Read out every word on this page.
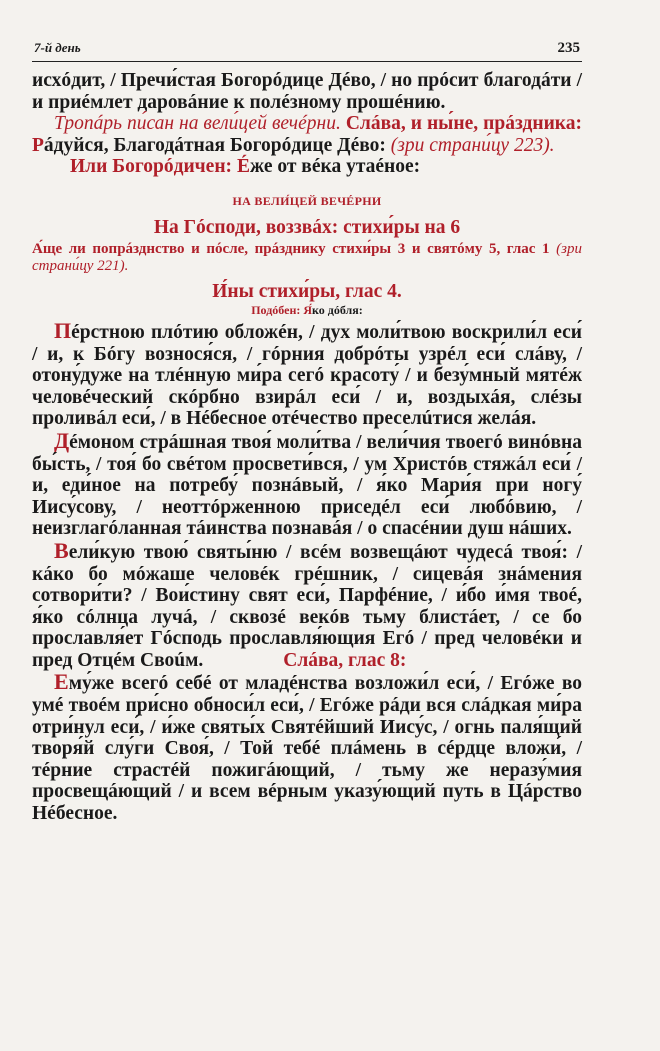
7-й день	235

исхóдит, / Пречи́стая Богорóдице Дéво, / но прóсит благодáти / и приéмлет даровáние к полéзному прошéнию.

Тропáрь пи́сан на вели́цей вечéрни. Слáва, и ны́не, прáздника: Рáдуйся, Благодáтная Богорóдице Дéво: (зри страни́цу 223).

Или Богорóдичен: Éже от вéка утаéное:

НА ВЕЛИ́ЦЕЙ ВЕЧÉРНИ

На Гóсподи, воззвáх: стихи́ры на 6

А́ще ли попрáзднство и пóсле, прáзднику стихи́ры 3 и святóму 5, глас 1 (зри страни́цу 221).

И́ны стихи́ры, глас 4.

Подóбен: Я́ко дóбля:

Пéрстною плóтию обложéн, / дух моли́твою воскрили́л еси́ / и, к Бóгу вознося́ся, / гóрния добрóты узрéл еси́ слáву, / отону́дуже на тлéнную ми́ра сегó красоту́ / и безу́мный мятéж человéческий скóрбно взирáл еси́ / и, воздыхáя, слéзы проливáл еси́, / в Нéбесное отéчество преселúтися желáя.

Дéмоном стрáшная твоя́ моли́тва / вели́чия твоегó винóвна бы́сть, / тоя́ бо свéтом просвети́вся, / ум Христóв стяжáл еси́ / и, еди́ное на потребу́ познáвый, / я́ко Мари́я при ногу́ Иису́сову, / неоттóрженною приседéл еси́ любóвию, / неизглагóланная тáинства познавáя / о спасéнии душ нáших.

Вели́кую твою́ святы́ню / всéм возвещáют чудесá твоя́: / кáко бо мóжаше человéк грéшник, / сицевáя знáмения сотвори́ти? / Вои́стину свят еси́, Парфéние, / и́бо и́мя твоé, я́ко сóлнца лучá, / сквозé векóв тьму блистáет, / се бо прославля́ет Гóсподь прославля́ющия Егó / пред человéки и пред Отцéм Своúм.	Слáва, глас 8:

Ему́же всегó себé от младéнства возложи́л еси́, / Егóже во умé твоéм при́сно обноси́л еси́, / Егóже рáди вся слáдкая ми́ра отри́нул еси́, / и́же святы́х Святéйший Иису́с, / огнь паля́щий творя́й слу́ги Своя́, / Той тебé плáмень в сéрдце вложи́, / тéрние страстéй пожигáющий, / тьму же неразу́мия просвещáющий / и всем вéрным указу́ющий путь в Цáрство Нéбесное.
